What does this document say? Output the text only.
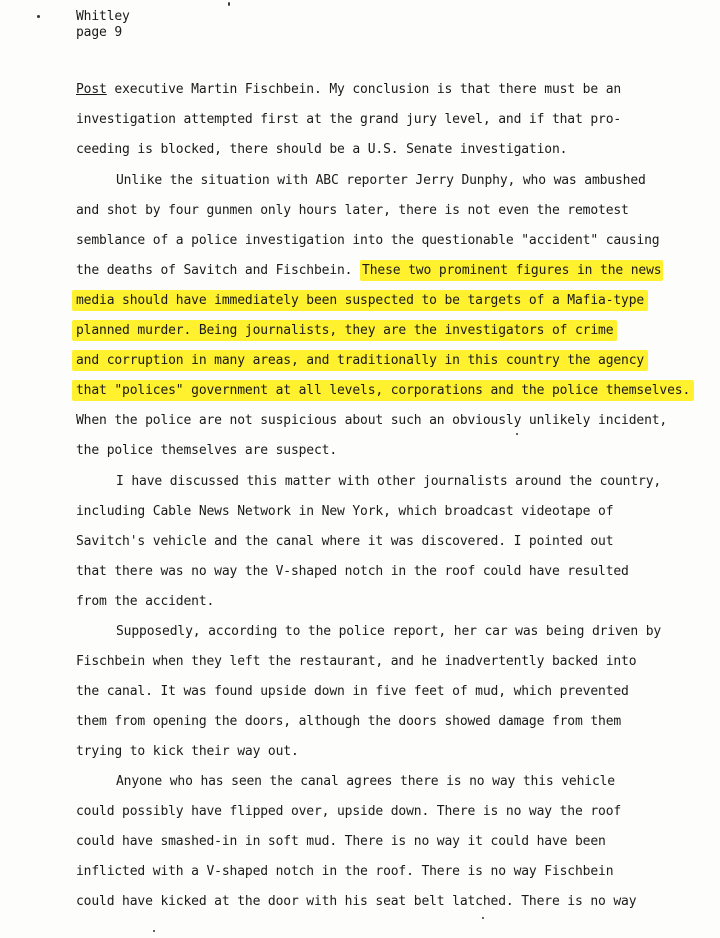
Whitley
page 9
Post executive Martin Fischbein. My conclusion is that there must be an
investigation attempted first at the grand jury level, and if that pro-
ceeding is blocked, there should be a U.S. Senate investigation.
Unlike the situation with ABC reporter Jerry Dunphy, who was ambushed
and shot by four gunmen only hours later, there is not even the remotest
semblance of a police investigation into the questionable "accident" causing
the deaths of Savitch and Fischbein. These two prominent figures in the news
media should have immediately been suspected to be targets of a Mafia-type
planned murder. Being journalists, they are the investigators of crime
and corruption in many areas, and traditionally in this country the agency
that "polices" government at all levels, corporations and the police themselves.
When the police are not suspicious about such an obviously unlikely incident,
the police themselves are suspect.
I have discussed this matter with other journalists around the country,
including Cable News Network in New York, which broadcast videotape of
Savitch's vehicle and the canal where it was discovered. I pointed out
that there was no way the V-shaped notch in the roof could have resulted
from the accident.
Supposedly, according to the police report, her car was being driven by
Fischbein when they left the restaurant, and he inadvertently backed into
the canal. It was found upside down in five feet of mud, which prevented
them from opening the doors, although the doors showed damage from them
trying to kick their way out.
Anyone who has seen the canal agrees there is no way this vehicle
could possibly have flipped over, upside down. There is no way the roof
could have smashed-in in soft mud. There is no way it could have been
inflicted with a V-shaped notch in the roof. There is no way Fischbein
could have kicked at the door with his seat belt latched. There is no way
